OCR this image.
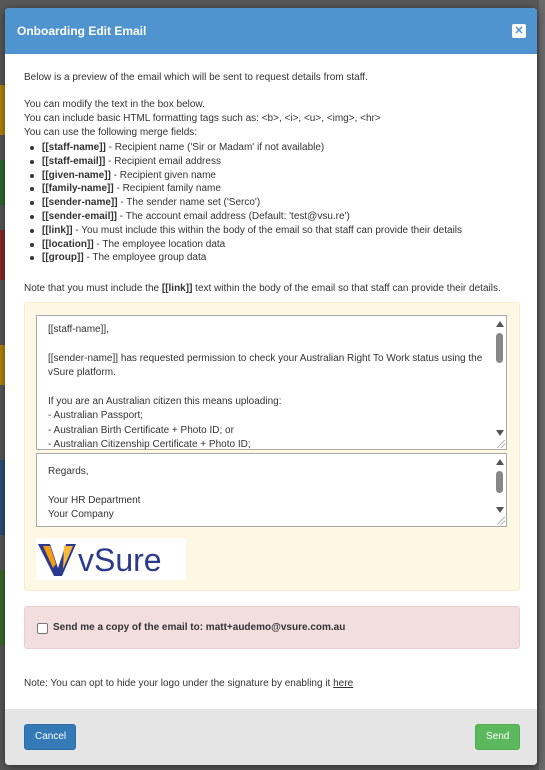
Onboarding Edit Email	✕
Below is a preview of the email which will be sent to request details from staff.
You can modify the text in the box below.
You can include basic HTML formatting tags such as: <b>, <i>, <u>, <img>, <hr>
You can use the following merge fields:
[[staff-name]] - Recipient name ('Sir or Madam' if not available)
[[staff-email]] - Recipient email address
[[given-name]] - Recipient given name
[[family-name]] - Recipient family name
[[sender-name]] - The sender name set ('Serco')
[[sender-email]] - The account email address (Default: 'test@vsu.re')
[[link]] - You must include this within the body of the email so that staff can provide their details
[[location]] - The employee location data
[[group]] - The employee group data
Note that you must include the [[link]] text within the body of the email so that staff can provide their details.
[[staff-name]],

[[sender-name]] has requested permission to check your Australian Right To Work status using the vSure platform.

If you are an Australian citizen this means uploading:
- Australian Passport;
- Australian Birth Certificate + Photo ID; or
- Australian Citizenship Certificate + Photo ID;
Regards,

Your HR Department
Your Company
vSure
Send me a copy of the email to: matt+audemo@vsure.com.au
Note: You can opt to hide your logo under the signature by enabling it here
Cancel	Send
